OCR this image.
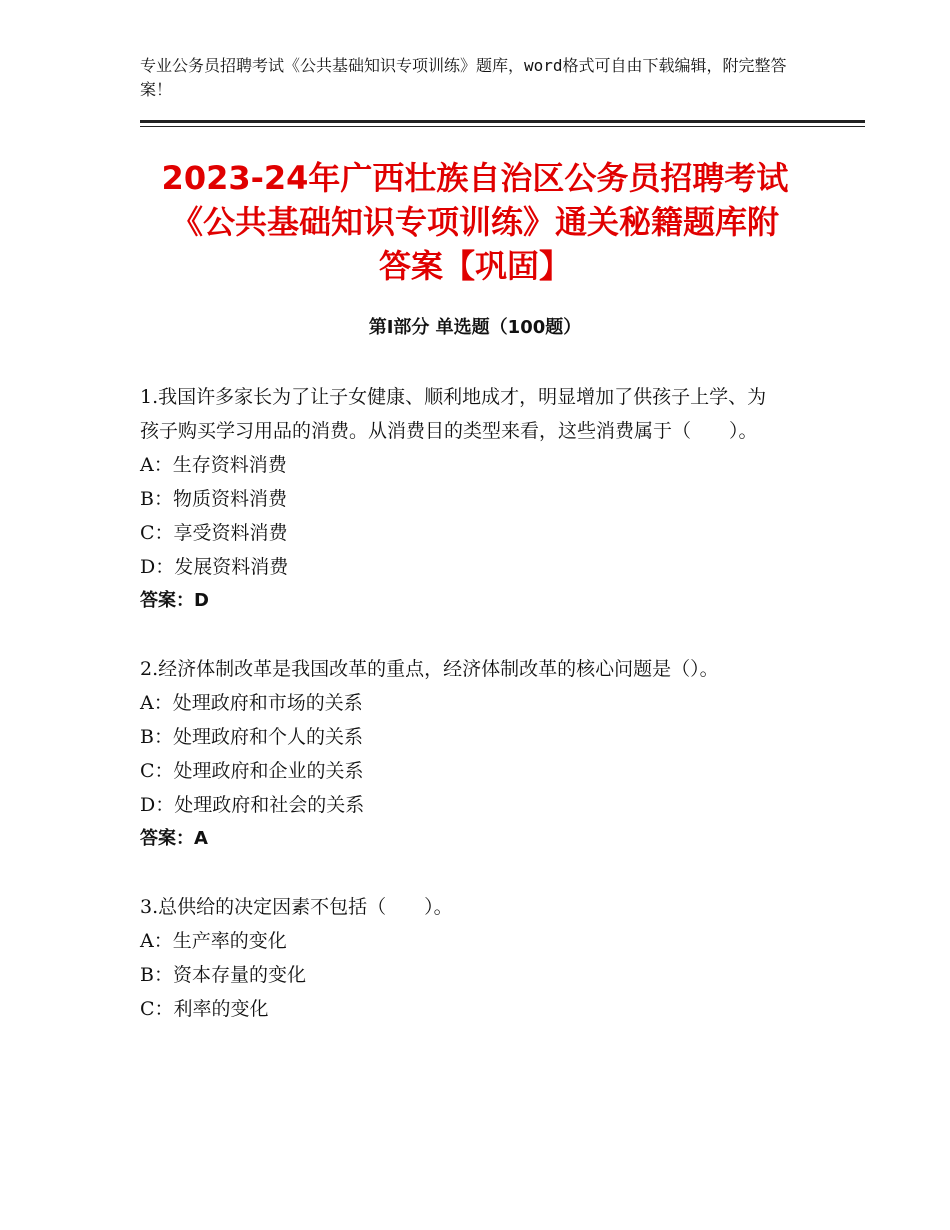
专业公务员招聘考试《公共基础知识专项训练》题库，word格式可自由下载编辑，附完整答案！
2023-24年广西壮族自治区公务员招聘考试
《公共基础知识专项训练》通关秘籍题库附
答案【巩固】
第Ⅰ部分 单选题（100题）

1.我国许多家长为了让子女健康、顺利地成才，明显增加了供孩子上学、为孩子购买学习用品的消费。从消费目的类型来看，这些消费属于（　　）。

A：生存资料消费

B：物质资料消费

C：享受资料消费

D：发展资料消费

答案：D

2.经济体制改革是我国改革的重点，经济体制改革的核心问题是（）。

A：处理政府和市场的关系

B：处理政府和个人的关系

C：处理政府和企业的关系

D：处理政府和社会的关系

答案：A

3.总供给的决定因素不包括（　　）。

A：生产率的变化

B：资本存量的变化

C：利率的变化
